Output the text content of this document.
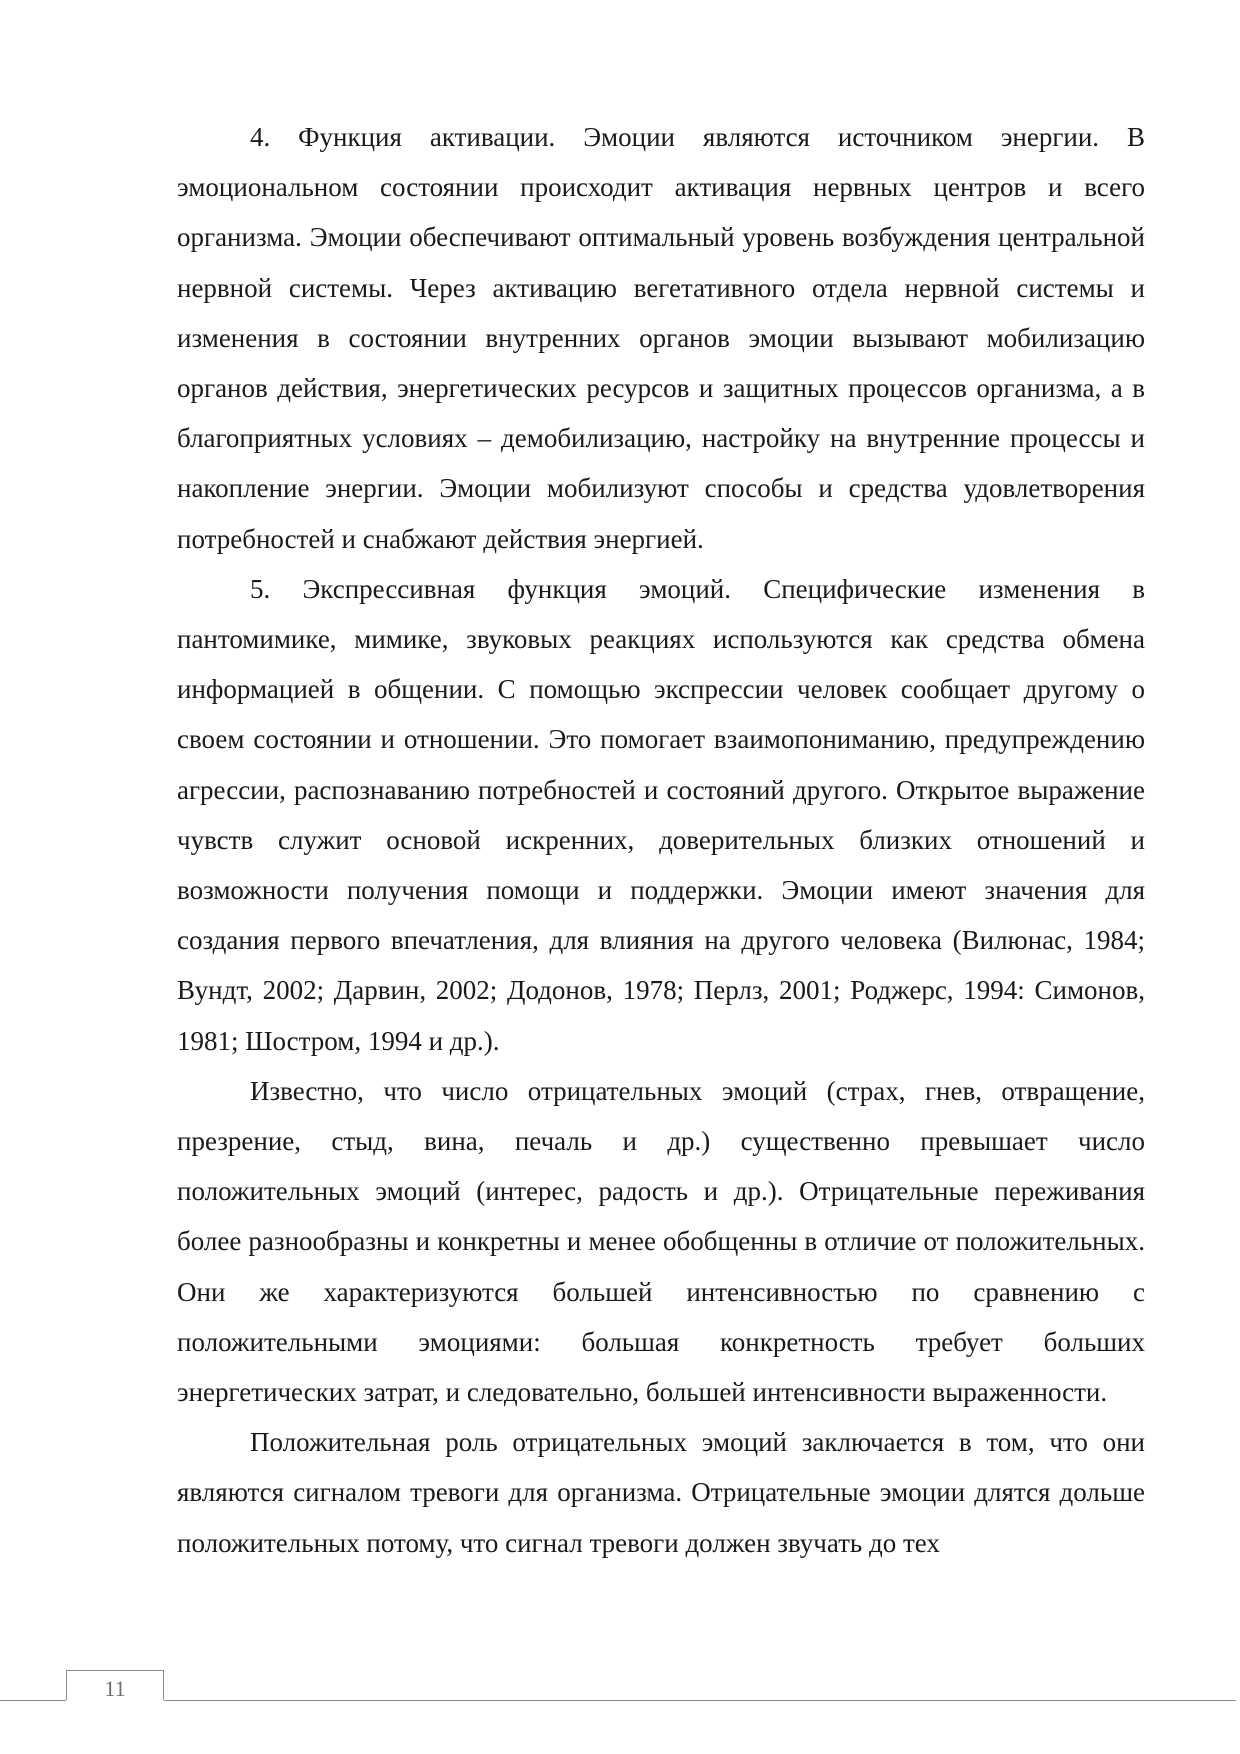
4. Функция активации. Эмоции являются источником энергии. В эмоциональном состоянии происходит активация нервных центров и всего организма. Эмоции обеспечивают оптимальный уровень возбуждения центральной нервной системы. Через активацию вегетативного отдела нервной системы и изменения в состоянии внутренних органов эмоции вызывают мобилизацию органов действия, энергетических ресурсов и защитных процессов организма, а в благоприятных условиях – демобилизацию, настройку на внутренние процессы и накопление энергии. Эмоции мобилизуют способы и средства удовлетворения потребностей и снабжают действия энергией.

5. Экспрессивная функция эмоций. Специфические изменения в пантомимике, мимике, звуковых реакциях используются как средства обмена информацией в общении. С помощью экспрессии человек сообщает другому о своем состоянии и отношении. Это помогает взаимопониманию, предупреждению агрессии, распознаванию потребностей и состояний другого. Открытое выражение чувств служит основой искренних, доверительных близких отношений и возможности получения помощи и поддержки. Эмоции имеют значения для создания первого впечатления, для влияния на другого человека (Вилюнас, 1984; Вундт, 2002; Дарвин, 2002; Додонов, 1978; Перлз, 2001; Роджерс, 1994: Симонов, 1981; Шостром, 1994 и др.).

Известно, что число отрицательных эмоций (страх, гнев, отвращение, презрение, стыд, вина, печаль и др.) существенно превышает число положительных эмоций (интерес, радость и др.). Отрицательные переживания более разнообразны и конкретны и менее обобщенны в отличие от положительных. Они же характеризуются большей интенсивностью по сравнению с положительными эмоциями: большая конкретность требует больших энергетических затрат, и следовательно, большей интенсивности выраженности.

Положительная роль отрицательных эмоций заключается в том, что они являются сигналом тревоги для организма. Отрицательные эмоции длятся дольше положительных потому, что сигнал тревоги должен звучать до тех

11
